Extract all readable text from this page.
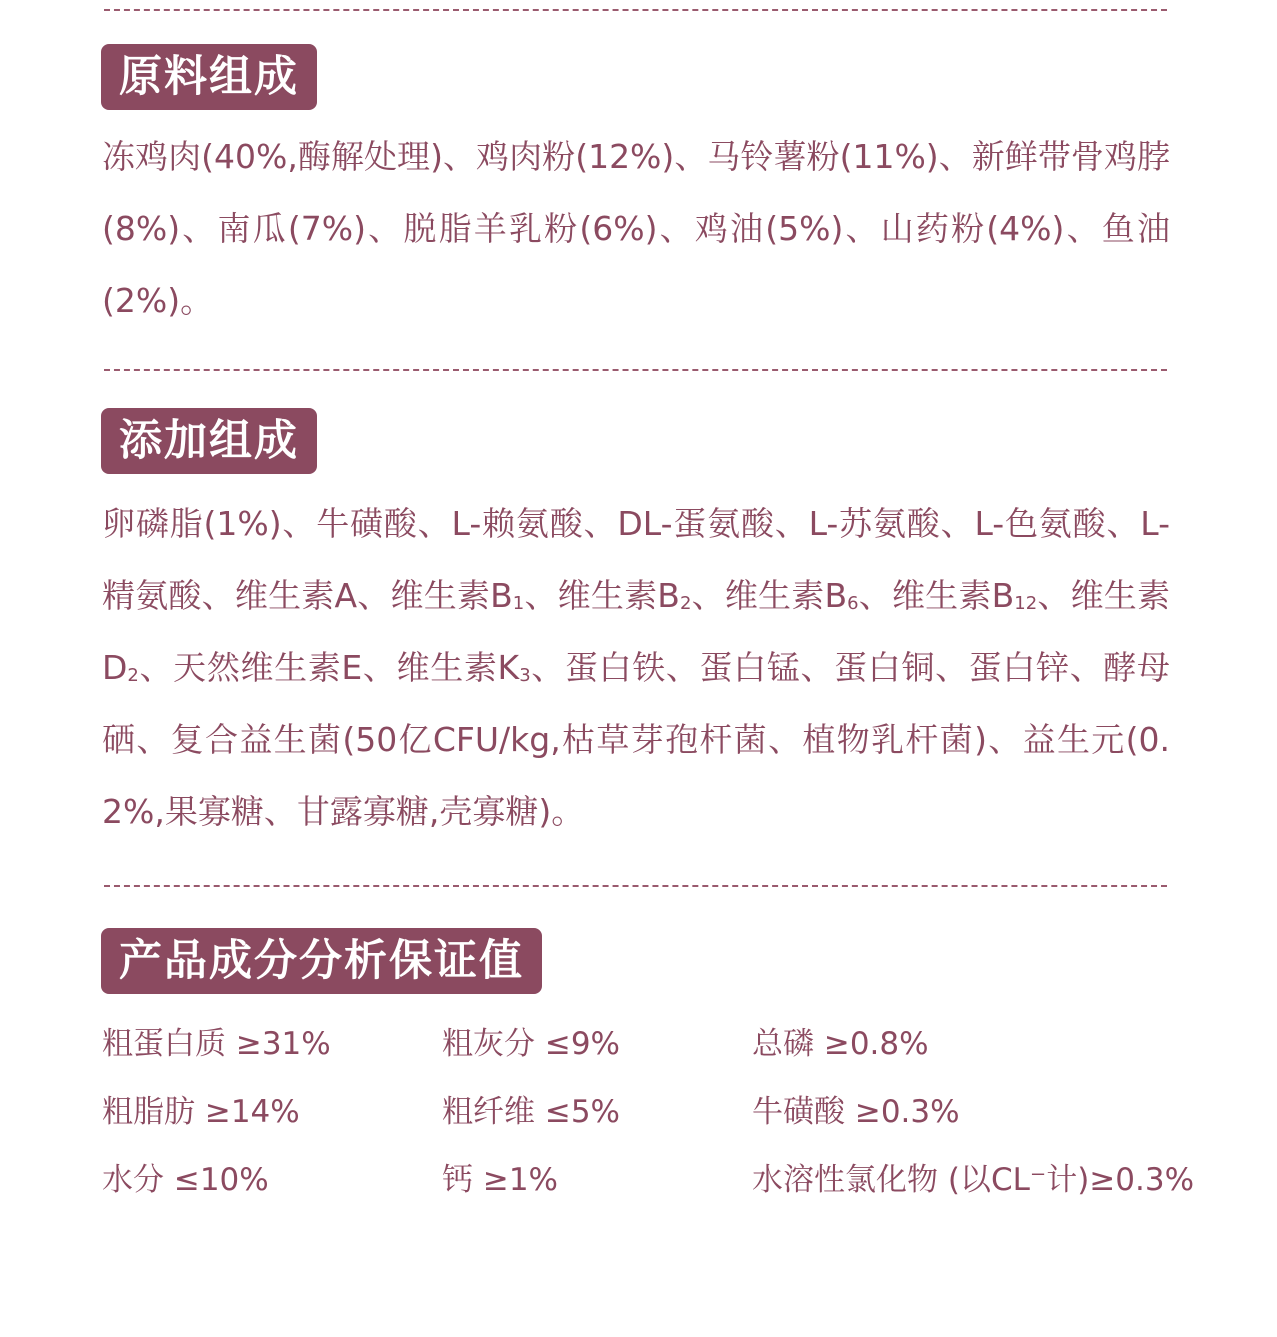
原料组成
冻鸡肉(40%,酶解处理)、鸡肉粉(12%)、马铃薯粉(11%)、新鲜带骨鸡脖(8%)、南瓜(7%)、脱脂羊乳粉(6%)、鸡油(5%)、山药粉(4%)、鱼油(2%)。
添加组成
卵磷脂(1%)、牛磺酸、L-赖氨酸、DL-蛋氨酸、L-苏氨酸、L-色氨酸、L-精氨酸、维生素A、维生素$B_1$、维生素$B_2$、维生素$B_6$、维生素$B_{12}$、维生素$D_2$、天然维生素E、维生素$K_3$、蛋白铁、蛋白锰、蛋白铜、蛋白锌、酵母硒、复合益生菌(50亿CFU/kg,枯草芽孢杆菌、植物乳杆菌)、益生元(0.2%,果寡糖、甘露寡糖,壳寡糖)。
产品成分分析保证值
粗蛋白质 ≥31%	粗灰分 ≤9%	总磷 ≥0.8%
粗脂肪 ≥14%	粗纤维 ≤5%	牛磺酸 ≥0.3%
水分 ≤10%	钙 ≥1%	水溶性氯化物 (以CL⁻计)≥0.3%
